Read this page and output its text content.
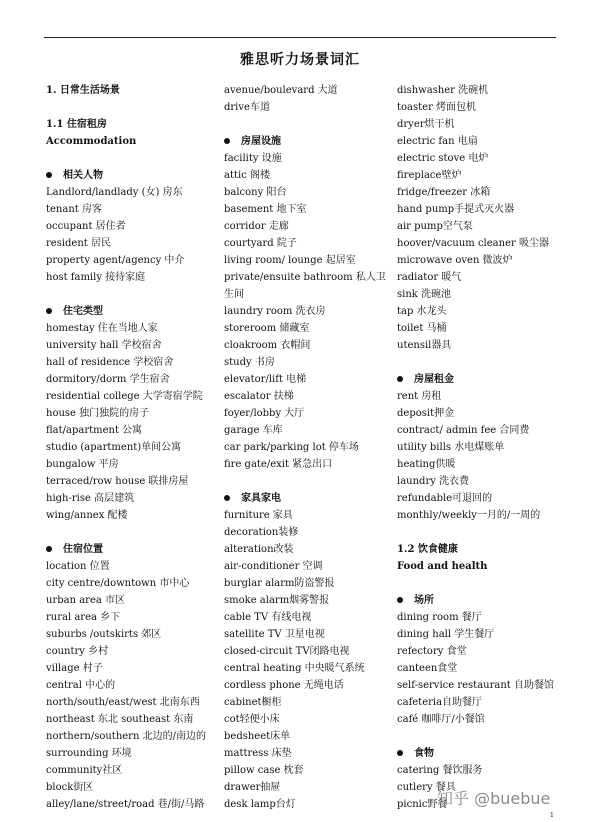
雅思听力场景词汇
1. 日常生活场景
1.1 住宿租房
Accommodation
相关人物
Landlord/landlady (女) 房东
tenant 房客
occupant 居住者
resident 居民
property agent/agency 中介
host family 接待家庭
住宅类型
homestay 住在当地人家
university hall 学校宿舍
hall of residence 学校宿舍
dormitory/dorm 学生宿舍
residential college 大学寄宿学院
house 独门独院的房子
flat/apartment 公寓
studio (apartment)单间公寓
bungalow 平房
terraced/row house 联排房屋
high-rise 高层建筑
wing/annex 配楼
住宿位置
location 位置
city centre/downtown 市中心
urban area 市区
rural area 乡下
suburbs /outskirts 郊区
country 乡村
village 村子
central 中心的
north/south/east/west 北南东西
northeast 东北 southeast 东南
northern/southern 北边的/南边的
surrounding 环境
community社区
block街区
alley/lane/street/road 巷/街/马路
avenue/boulevard 大道
drive车道
房屋设施
facility 设施
attic 阁楼
balcony 阳台
basement 地下室
corridor 走廊
courtyard 院子
living room/ lounge 起居室
private/ensuite bathroom 私人卫生间
laundry room 洗衣房
storeroom 储藏室
cloakroom 衣帽间
study 书房
elevator/lift 电梯
escalator 扶梯
foyer/lobby 大厅
garage 车库
car park/parking lot 停车场
fire gate/exit 紧急出口
家具家电
furniture 家具
decoration装修
alteration改装
air-conditioner 空调
burglar alarm防盗警报
smoke alarm烟雾警报
cable TV 有线电视
satellite TV 卫星电视
closed-circuit TV闭路电视
central heating 中央暖气系统
cordless phone 无绳电话
cabinet橱柜
cot轻便小床
bedsheet床单
mattress 床垫
pillow case 枕套
drawer抽屉
desk lamp台灯
dishwasher 洗碗机
toaster 烤面包机
dryer烘干机
electric fan 电扇
electric stove 电炉
fireplace壁炉
fridge/freezer 冰箱
hand pump手提式灭火器
air pump空气泵
hoover/vacuum cleaner 吸尘器
microwave oven 微波炉
radiator 暖气
sink 洗碗池
tap 水龙头
toilet 马桶
utensil器具
房屋租金
rent 房租
deposit押金
contract/ admin fee 合同费
utility bills 水电煤账单
heating供暖
laundry 洗衣费
refundable可退回的
monthly/weekly一月的/一周的
1.2 饮食健康
Food and health
场所
dining room 餐厅
dining hall 学生餐厅
refectory 食堂
canteen食堂
self-service restaurant 自助餐馆
cafeteria自助餐厅
café 咖啡厅/小餐馆
食物
catering 餐饮服务
cutlery 餐具
picnic野餐
知乎 @buebue
1
